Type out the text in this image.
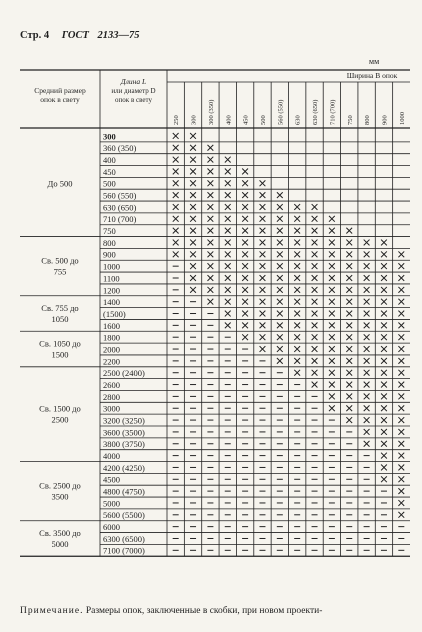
Стр. 4 ГОСТ 2133—75
мм
Средний размер
опок в свету
Длина L
или диаметр D
опок в свету
Ширина В опок
250 300 300 (350) 400 450 500 560 (550) 630 630 (650) 710 (700) 750 800 900 1000
300
360 (350)
400
450
500
560 (550)
630 (650)
710 (700)
750
800
900
1000
1100
1200
1400
(1500)
1600
1800
2000
2200
2500 (2400)
2600
2800
3000
3200 (3250)
3600 (3500)
3800 (3750)
4000
4200 (4250)
4500
4800 (4750)
5000
5600 (5500)
6000
6300 (6500)
7100 (7000)
До 500
Св. 500 до
755
Св. 755 до
1050
Св. 1050 до
1500
Св. 1500 до
2500
Св. 2500 до
3500
Св. 3500 до
5000
Примечание. Размеры опок, заключенные в скобки, при новом проекти-
